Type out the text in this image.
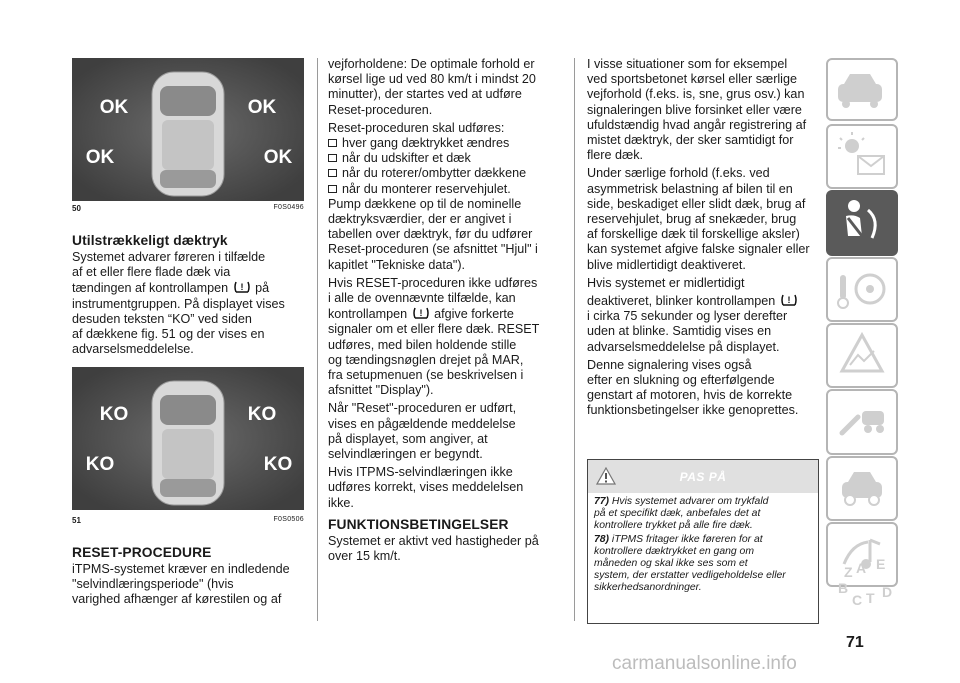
OK	OK
OK	OK
50	F0S0496
Utilstrækkeligt dæktryk

Systemet advarer føreren i tilfælde

af et eller flere flade dæk via

tændingen af kontrollampen ! på

instrumentgruppen. På displayet vises

desuden teksten “KO” ved siden

af dækkene fig. 51 og der vises en

advarselsmeddelelse.

KO	KO
KO	KO
51	F0S0506
RESET-PROCEDURE

iTPMS-systemet kræver en indledende

"selvindlæringsperiode" (hvis

varighed afhænger af kørestilen og af

vejforholdene: De optimale forhold er

kørsel lige ud ved 80 km/t i mindst 20

minutter), der startes ved at udføre

Reset-proceduren.

Reset-proceduren skal udføres:

hver gang dæktrykket ændres
når du udskifter et dæk
når du roterer/ombytter dækkene
når du monterer reservehjulet.

Pump dækkene op til de nominelle

dæktryksværdier, der er angivet i

tabellen over dæktryk, før du udfører

Reset-proceduren (se afsnittet "Hjul" i

kapitlet "Tekniske data").

Hvis RESET-proceduren ikke udføres

i alle de ovennævnte tilfælde, kan

kontrollampen ! afgive forkerte

signaler om et eller flere dæk. RESET

udføres, med bilen holdende stille

og tændingsnøglen drejet på MAR,

fra setupmenuen (se beskrivelsen i

afsnittet "Display").

Når "Reset"-proceduren er udført,

vises en pågældende meddelelse

på displayet, som angiver, at

selvindlæringen er begyndt.

Hvis ITPMS-selvindlæringen ikke

udføres korrekt, vises meddelelsen

ikke.

FUNKTIONSBETINGELSER

Systemet er aktivt ved hastigheder på

over 15 km/t.

I visse situationer som for eksempel

ved sportsbetonet kørsel eller særlige

vejforhold (f.eks. is, sne, grus osv.) kan

signaleringen blive forsinket eller være

ufuldstændig hvad angår registrering af

mistet dæktryk, der sker samtidigt for

flere dæk.

Under særlige forhold (f.eks. ved

asymmetrisk belastning af bilen til en

side, beskadiget eller slidt dæk, brug af

reservehjulet, brug af snekæder, brug

af forskellige dæk til forskellige aksler)

kan systemet afgive falske signaler eller

blive midlertidigt deaktiveret.

Hvis systemet er midlertidigt

deaktiveret, blinker kontrollampen !

i cirka 75 sekunder og lyser derefter

uden at blinke. Samtidig vises en

advarselsmeddelelse på displayet.

Denne signalering vises også

efter en slukning og efterfølgende

genstart af motoren, hvis de korrekte

funktionsbetingelser ikke genoprettes.

PAS PÅ
77) Hvis systemet advarer om trykfald
på et specifikt dæk, anbefales det at
kontrollere trykket på alle fire dæk.
78) iTPMS fritager ikke føreren for at
kontrollere dæktrykket en gang om
måneden og skal ikke ses som et
system, der erstatter vedligeholdelse eller
sikkerhedsanordninger.
71
A
Z E
B
C T D
carmanualsonline.info
